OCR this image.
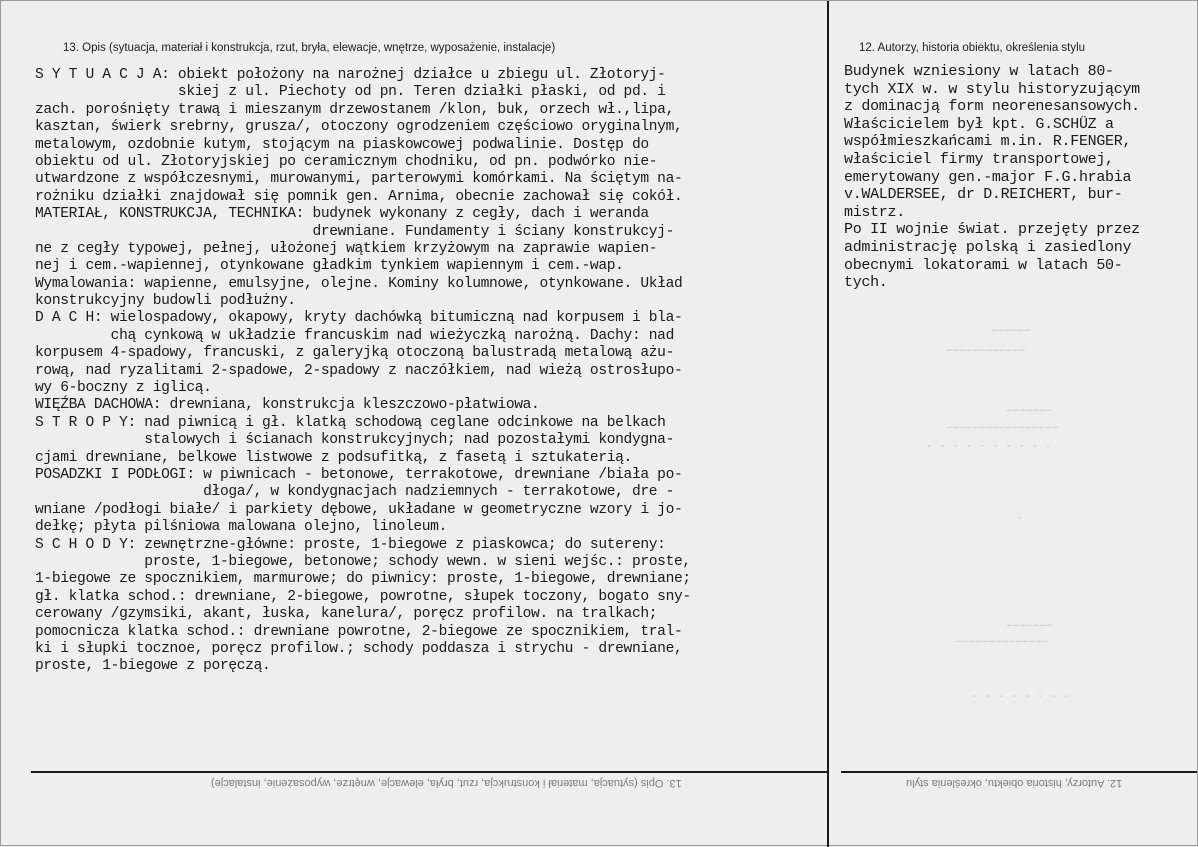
13. Opis (sytuacja, materiał i konstrukcja, rzut, bryła, elewacje, wnętrze, wyposażenie, instalacje)	12. Autorzy, historia obiektu, określenia stylu
S Y T U A C J A: obiekt położony na narożnej działce u zbiegu ul. Złotoryj-
skiej z ul. Piechoty od pn. Teren działki płaski, od pd. i
zach. porośnięty trawą i mieszanym drzewostanem /klon, buk, orzech wł.,lipa,
kasztan, świerk srebrny, grusza/, otoczony ogrodzeniem częściowo oryginalnym,
metalowym, ozdobnie kutym, stojącym na piaskowcowej podwalinie. Dostęp do
obiektu od ul. Złotoryjskiej po ceramicznym chodniku, od pn. podwórko nie-
utwardzone z współczesnymi, murowanymi, parterowymi komórkami. Na ściętym na-
rożniku działki znajdował się pomnik gen. Arnima, obecnie zachował się cokół.
MATERIAŁ, KONSTRUKCJA, TECHNIKA: budynek wykonany z cegły, dach i weranda
drewniane. Fundamenty i ściany konstrukcyj-
ne z cegły typowej, pełnej, ułożonej wątkiem krzyżowym na zaprawie wapien-
nej i cem.-wapiennej, otynkowane gładkim tynkiem wapiennym i cem.-wap.
Wymalowania: wapienne, emulsyjne, olejne. Kominy kolumnowe, otynkowane. Układ
konstrukcyjny budowli podłużny.
D A C H: wielospadowy, okapowy, kryty dachówką bitumiczną nad korpusem i bla-
chą cynkową w układzie francuskim nad wieżyczką narożną. Dachy: nad
korpusem 4-spadowy, francuski, z galeryjką otoczoną balustradą metalową ażu-
rową, nad ryzalitami 2-spadowe, 2-spadowy z naczółkiem, nad wieżą ostrosłupo-
wy 6-boczny z iglicą.
WIĘŹBA DACHOWA: drewniana, konstrukcja kleszczowo-płatwiowa.
S T R O P Y: nad piwnicą i gł. klatką schodową ceglane odcinkowe na belkach
stalowych i ścianach konstrukcyjnych; nad pozostałymi kondygna-
cjami drewniane, belkowe listwowe z podsufitką, z fasetą i sztukaterią.
POSADZKI I PODŁOGI: w piwnicach - betonowe, terrakotowe, drewniane /biała po-
dłoga/, w kondygnacjach nadziemnych - terrakotowe, dre -
wniane /podłogi białe/ i parkiety dębowe, układane w geometryczne wzory i jo-
dełkę; płyta pilśniowa malowana olejno, linoleum.
S C H O D Y: zewnętrzne-główne: proste, 1-biegowe z piaskowca; do sutereny:
proste, 1-biegowe, betonowe; schody wewn. w sieni wejśc.: proste,
1-biegowe ze spocznikiem, marmurowe; do piwnicy: proste, 1-biegowe, drewniane;
gł. klatka schod.: drewniane, 2-biegowe, powrotne, słupek toczony, bogato sny-
cerowany /gzymsiki, akant, łuska, kanelura/, poręcz profilow. na tralkach;
pomocnicza klatka schod.: drewniane powrotne, 2-biegowe ze spocznikiem, tral-
ki i słupki tocznoe, poręcz profilow.; schody poddasza i strychu - drewniane,
proste, 1-biegowe z poręczą.
Budynek wzniesiony w latach 80-
tych XIX w. w stylu historyzującym
z dominacją form neorenesansowych.
Właścicielem był kpt. G.SCHÜZ a
współmieszkańcami m.in. R.FENGER,
właściciel firmy transportowej,
emerytowany gen.-major F.G.hrabia
v.WALDERSEE, dr D.REICHERT, bur-
mistrz.
Po II wojnie świat. przejęty przez
administrację polską i zasiedlony
obecnymi lokatorami w latach 50-
tych.
13. Opis (sytuacja, materiał i konstrukcja, rzut, bryła, elewacje, wnętrze, wyposażenie, instalacje)	12. Autorzy, historia obiektu, określenia stylu
~~~~~~
~~~~~~~~~~~~
~~~~~~~
~~~~~~~~~~~~~~~~~
- - - - - - - - - -
-
~~~~~~~
~~~~~~~~~~~~~~
- - - - - - - -
